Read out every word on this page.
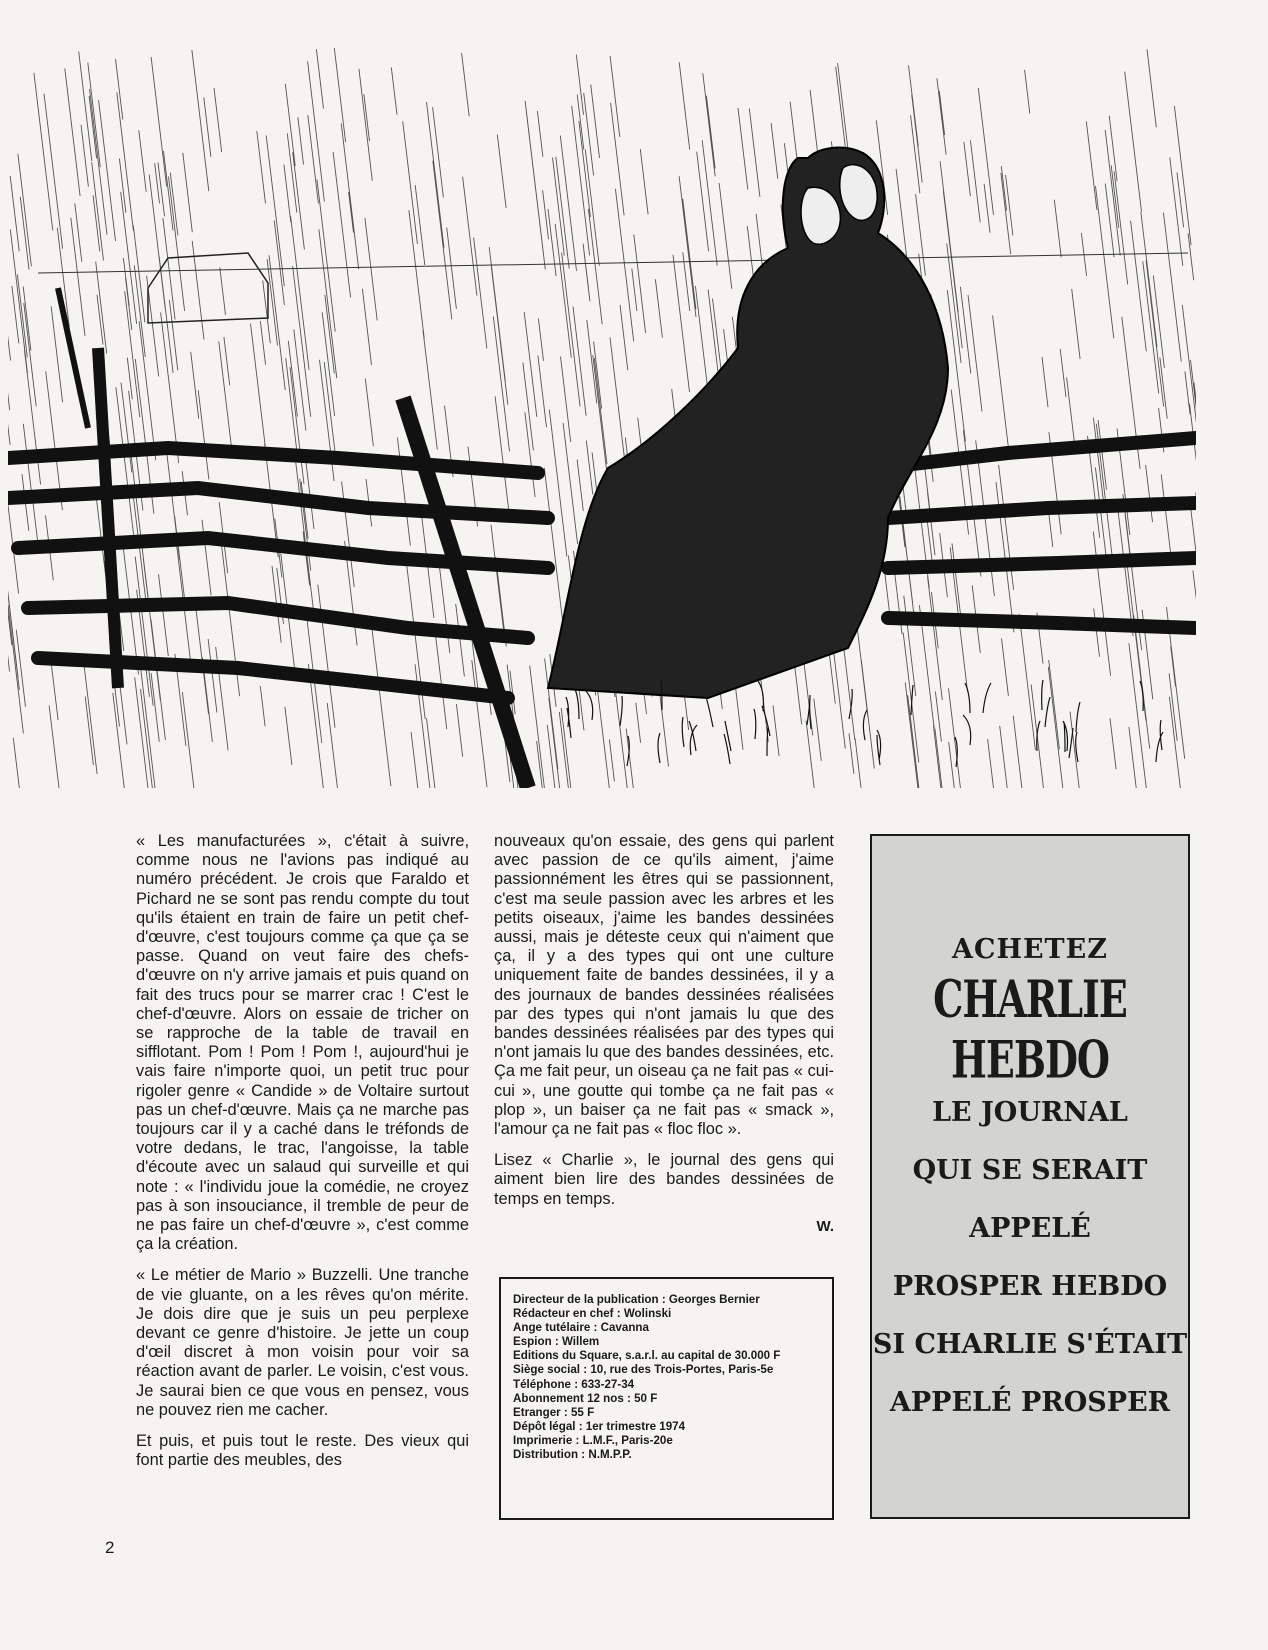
« Les manufacturées », c'était à suivre, comme nous ne l'avions pas indiqué au numéro précédent. Je crois que Faraldo et Pichard ne se sont pas rendu compte du tout qu'ils étaient en train de faire un petit chef-d'œuvre, c'est toujours comme ça que ça se passe. Quand on veut faire des chefs-d'œuvre on n'y arrive jamais et puis quand on fait des trucs pour se marrer crac ! C'est le chef-d'œuvre. Alors on essaie de tricher on se rapproche de la table de travail en sifflotant. Pom ! Pom ! Pom !, aujourd'hui je vais faire n'importe quoi, un petit truc pour rigoler genre « Candide » de Voltaire surtout pas un chef-d'œuvre. Mais ça ne marche pas toujours car il y a caché dans le tréfonds de votre dedans, le trac, l'angoisse, la table d'écoute avec un salaud qui surveille et qui note : « l'individu joue la comédie, ne croyez pas à son insouciance, il tremble de peur de ne pas faire un chef-d'œuvre », c'est comme ça la création.

« Le métier de Mario » Buzzelli. Une tranche de vie gluante, on a les rêves qu'on mérite. Je dois dire que je suis un peu perplexe devant ce genre d'histoire. Je jette un coup d'œil discret à mon voisin pour voir sa réaction avant de parler. Le voisin, c'est vous. Je saurai bien ce que vous en pensez, vous ne pouvez rien me cacher.

Et puis, et puis tout le reste. Des vieux qui font partie des meubles, des

nouveaux qu'on essaie, des gens qui parlent avec passion de ce qu'ils aiment, j'aime passionnément les êtres qui se passionnent, c'est ma seule passion avec les arbres et les petits oiseaux, j'aime les bandes dessinées aussi, mais je déteste ceux qui n'aiment que ça, il y a des types qui ont une culture uniquement faite de bandes dessinées, il y a des journaux de bandes dessinées réalisées par des types qui n'ont jamais lu que des bandes dessinées réalisées par des types qui n'ont jamais lu que des bandes dessinées, etc. Ça me fait peur, un oiseau ça ne fait pas « cui-cui », une goutte qui tombe ça ne fait pas « plop », un baiser ça ne fait pas « smack », l'amour ça ne fait pas « floc floc ».

Lisez « Charlie », le journal des gens qui aiment bien lire des bandes dessinées de temps en temps.

W.
Directeur de la publication : Georges Bernier
Rédacteur en chef : Wolinski
Ange tutélaire : Cavanna
Espion : Willem
Editions du Square, s.a.r.l. au capital de 30.000 F
Siège social : 10, rue des Trois-Portes, Paris-5e
Téléphone : 633-27-34
Abonnement 12 nos : 50 F
Etranger : 55 F
Dépôt légal : 1er trimestre 1974
Imprimerie : L.M.F., Paris-20e
Distribution : N.M.P.P.
ACHETEZ
CHARLIE HEBDO
LE JOURNAL
QUI SE SERAIT
APPELÉ
PROSPER HEBDO
SI CHARLIE S'ÉTAIT
APPELÉ PROSPER
2
